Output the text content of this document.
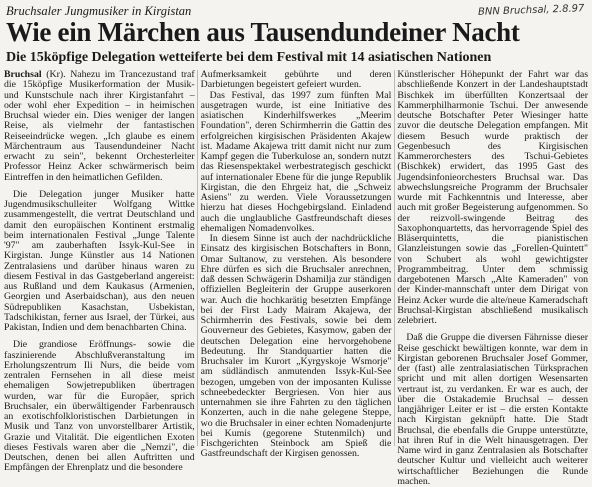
Bruchsaler Jungmusiker in Kirgistan	BNN Bruchsal, 2.8.97
Wie ein Märchen aus Tausendundeiner Nacht
Die 15köpfige Delegation wetteiferte bei dem Festival mit 14 asiatischen Nationen

Bruchsal (Kr). Nahezu im Trancezustand traf die 15köpfige Musikerformation der Musik- und Kunstschule nach ihrer Kirgistanfahrt – oder wohl eher Expedition – in heimischen Bruchsal wieder ein. Dies weniger der langen Reise, als vielmehr der fantastischen Reiseeindrücke wegen. „Ich glaube es einem Märchentraum aus Tausendundeiner Nacht erwacht zu sein", bekennt Orchesterleiter Professor Heinz Acker schwärmerisch beim Eintreffen in den heimatlichen Gefilden.

Die Delegation junger Musiker hatte Jugendmusikschulleiter Wolfgang Wittke zusammengestellt, die vertrat Deutschland und damit den europäischen Kontinent erstmalig beim internationalen Festival „Junge Talente '97" am zauberhaften Issyk-Kul-See in Kirgistan. Junge Künstler aus 14 Nationen Zentralasiens und darüber hinaus waren zu diesem Festival in das Gastgeberland angereist: aus Rußland und dem Kaukasus (Armenien, Georgien und Aserbaidschan), aus den neuen Südrepubliken Kasachstan, Usbekistan, Tadschikistan, ferner aus Israel, der Türkei, aus Pakistan, Indien und dem benachbarten China.

Die grandiose Eröffnungs- sowie die faszinierende Abschlußveranstaltung im Erholungszentrum Ili Nurs, die beide vom zentralen Fernsehen in all diese meist ehemaligen Sowjetrepubliken übertragen wurden, war für die Europäer, sprich Bruchsaler, ein überwältigender Farbenrausch an exotischfolkloristischen Darbietungen in Musik und Tanz von unvorstellbarer Artistik, Grazie und Vitalität. Die eigentlichen Exoten dieses Festivals waren aber die „Nemzi", die Deutschen, denen bei allen Auftritten und Empfängen der Ehrenplatz und die besondere

Aufmerksamkeit gebührte und deren Darbietungen begeistert gefeiert wurden.

Das Festival, das 1997 zum fünften Mal ausgetragen wurde, ist eine Initiative des asiatischen Kinderhilfswerkes „Meerim Foundation", deren Schirmherrin die Gattin des erfolgreichen kirgisischen Präsidenten Akajew ist. Madame Akajewa tritt damit nicht nur zum Kampf gegen die Tuberkulose an, sondern nutzt das Riesenspektakel werbestrategisch geschickt auf internationaler Ebene für die junge Republik Kirgistan, die den Ehrgeiz hat, die „Schweiz Asiens" zu werden. Viele Voraussetzungen hierzu hat dieses Hochgebirgsland. Einladend auch die unglaubliche Gastfreundschaft dieses ehemaligen Nomadenvolkes.

In diesem Sinne ist auch der nachdrückliche Einsatz des kirgisischen Botschafters in Bonn, Omar Sultanow, zu verstehen. Als besondere Ehre dürfen es sich die Bruchsaler anrechnen, daß dessen Schwägerin Dshamilja zur ständigen offiziellen Begleiterin der Gruppe auserkoren war. Auch die hochkarätig besetzten Empfänge bei der First Lady Mairam Akajewa, der Schirmherrin des Festivals, sowie bei dem Gouverneur des Gebietes, Kasymow, gaben der deutschen Delegation eine hervorgehobene Bedeutung. Ihr Standquartier hatten die Bruchsaler im Kurort „Kyrgyskoje Wsmorje" am südländisch anmutenden Issyk-Kul-See bezogen, umgeben von der imposanten Kulisse schneebedeckter Bergriesen. Von hier aus unternahmen sie ihre Fahrten zu den täglichen Konzerten, auch in die nahe gelegene Steppe, wo die Bruchsaler in einer echten Nomadenjurte bei Kumis (gegorene Stutenmilch) und Fischgerichten Steinbock am Spieß die Gastfreundschaft der Kirgisen genossen.

Künstlerischer Höhepunkt der Fahrt war das abschließende Konzert in der Landeshauptstadt Bischkek im überfüllten Konzertsaal der Kammerphilharmonie Tschui. Der anwesende deutsche Botschafter Peter Wiesinger hatte zuvor die deutsche Delegation empfangen. Mit diesem Besuch wurde praktisch der Gegenbesuch des Kirgisischen Kammerorchesters des Tschui-Gebietes (Bischkek) erwidert, das 1995 Gast des Jugendsinfonieorchesters Bruchsal war. Das abwechslungsreiche Programm der Bruchsaler wurde mit Fachkenntnis und Interesse, aber auch mit großer Begeisterung aufgenommen. So der reizvoll-swingende Beitrag des Saxophonquartetts, das hervorragende Spiel des Bläserquintetts, die pianistischen Glanzleistungen sowie das „Forellen-Quintett" von Schubert als wohl gewichtigster Programmbeitrag. Unter dem schmissig dargebotenen Marsch „Alte Kameraden" von der Kinder-mannschaft unter dem Dirigat von Heinz Acker wurde die alte/neue Kameradschaft Bruchsal-Kirgistan abschließend musikalisch zelebriert.

Daß die Gruppe die diversen Fährnisse dieser Reise geschickt bewältigen konnte, war dem in Kirgistan geborenen Bruchsaler Josef Gommer, der (fast) alle zentralasiatischen Türksprachen spricht und mit allen dortigen Wesensarten vertraut ist, zu verdanken. Er war es auch, der über die Ostakademie Bruchsal – dessen langjähriger Leiter er ist – die ersten Kontakte nach Kirgistan geknüpft hatte. Die Stadt Bruchsal, die ebenfalls die Gruppe unterstützte, hat ihren Ruf in die Welt hinausgetragen. Der Name wird in ganz Zentralasien als Botschafter deutscher Kultur und vielleicht auch weiterer wirtschaftlicher Beziehungen die Runde machen.
